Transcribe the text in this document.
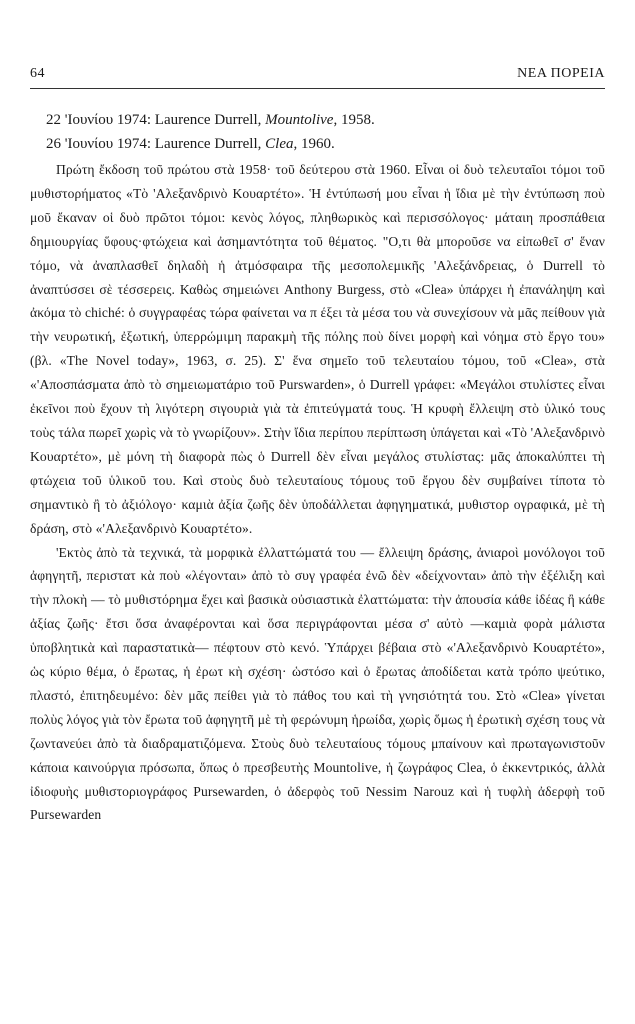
64	ΝΕΑ ΠΟΡΕΙΑ
22 'Ιουνίου 1974: Laurence Durrell, Mountolive, 1958.
26 'Ιουνίου 1974: Laurence Durrell, Clea, 1960.

Πρώτη ἔκδοση τοῦ πρώτου στὰ 1958· τοῦ δεύτερου στὰ 1960. Εἶναι οἱ δυὸ τελευταῖοι τόμοι τοῦ μυθιστορήματος «Τὸ 'Αλεξανδρινὸ Κουαρτέτο». Ἡ ἐντύπωσή μου εἶναι ἡ ἴδια μὲ τὴν ἐντύπωση ποὺ μοῦ ἔκαναν οἱ δυὸ πρῶτοι τόμοι: κενὸς λόγος, πληθωρικὸς καὶ περισσόλογος· μάταιη προσπάθεια δημιουργίας ὕφους·φτώχεια καὶ ἀσημαντότητα τοῦ θέματος. "Ο,τι θὰ μποροῦσε να εἰπωθεῖ σ' ἕναν τόμο, νὰ ἀναπλασθεῖ δηλαδὴ ἡ ἀτμόσφαιρα τῆς μεσοπολεμικῆς 'Αλεξάνδρειας, ὁ Durrell τὸ ἀναπτύσσει σὲ τέσσερεις. Καθὼς σημειώνει Anthony Burgess, στὸ «Clea» ὑπάρχει ἡ ἐπανάληψη καὶ ἀκόμα τὸ chiché: ὁ συγγραφέας τώρα φαίνεται να π έξει τὰ μέσα του νὰ συνεχίσουν νὰ μᾶς πείθουν γιὰ τὴν νευρωτική, ἐξωτική, ὑπερρώμιμη παρακμὴ τῆς πόλης ποὺ δίνει μορφὴ καὶ νόημα στὸ ἔργο του» (βλ. «The Novel today», 1963, σ. 25). Σ' ἕνα σημεῖο τοῦ τελευταίου τόμου, τοῦ «Clea», στὰ «'Αποσπάσματα ἀπὸ τὸ σημειωματάριο τοῦ Purswarden», ὁ Durrell γράφει: «Μεγάλοι στυλίστες εἶναι ἐκεῖνοι ποὺ ἔχουν τὴ λιγότερη σιγουριὰ γιὰ τὰ ἐπιτεύγματά τους. Ἡ κρυφὴ ἔλλειψη στὸ ὑλικό τους τοὺς τάλα πωρεῖ χωρὶς νὰ τὸ γνωρίζουν». Στὴν ἴδια περίπου περίπτωση ὑπάγεται καὶ «Τὸ 'Αλεξανδρινὸ Κουαρτέτο», μὲ μόνη τὴ διαφορὰ πὼς ὁ Durrell δὲν εἶναι μεγάλος στυλίστας: μᾶς ἀποκαλύπτει τὴ φτώχεια τοῦ ὑλικοῦ του. Καὶ στοὺς δυὸ τελευταίους τόμους τοῦ ἔργου δὲν συμβαίνει τίποτα τὸ σημαντικὸ ἢ τὸ ἀξιόλογο· καμιὰ ἀξία ζωῆς δὲν ὑποδάλλεται ἀφηγηματικά, μυθιστορ ογραφικά, μὲ τὴ δράση, στὸ «'Αλεξανδρινὸ Κουαρτέτο».

'Εκτὸς ἀπὸ τὰ τεχνικά, τὰ μορφικὰ ἐλλαττώματά του — ἔλλειψη δράσης, ἀνιαροὶ μονόλογοι τοῦ ἀφηγητῆ, περιστατ κὰ ποὺ «λέγονται» ἀπὸ τὸ συγ γραφέα ἐνῶ δὲν «δείχνονται» ἀπὸ τὴν ἐξέλιξη καὶ τὴν πλοκὴ — τὸ μυθιστόρημα ἔχει καὶ βασικὰ οὐσιαστικὰ ἐλαττώματα: τὴν ἀπουσία κάθε ἰδέας ἢ κάθε ἀξίας ζωῆς· ἔτσι ὅσα ἀναφέρονται καὶ ὅσα περιγράφονται μέσα σ' αὐτὸ —καμιὰ φορὰ μάλιστα ὑποβλητικὰ καὶ παραστατικὰ— πέφτουν στὸ κενό. Ὑπάρχει βέβαια στὸ «'Αλεξανδρινὸ Κουαρτέτο», ὡς κύριο θέμα, ὁ ἔρωτας, ἡ ἐρωτ κὴ σχέση· ὡστόσο καὶ ὁ ἔρωτας ἀποδίδεται κατὰ τρόπο ψεύτικο, πλαστό, ἐπιτηδευμένο: δὲν μᾶς πείθει γιὰ τὸ πάθος του καὶ τὴ γνησιότητά του. Στὸ «Clea» γίνεται πολὺς λόγος γιὰ τὸν ἔρωτα τοῦ ἀφηγητῆ μὲ τὴ φερώνυμη ἡρωίδα, χωρὶς ὅμως ἡ ἐρωτικὴ σχέση τους νὰ ζωντανεύει ἀπὸ τὰ διαδραματιζόμενα. Στοὺς δυὸ τελευταίους τόμους μπαίνουν καὶ πρωταγωνιστοῦν κάποια καινούργια πρόσωπα, ὅπως ὁ πρεσβευτὴς Mountolive, ἡ ζωγράφος Clea, ὁ ἐκκεντρικός, ἀλλὰ ἰδιοφυὴς μυθιστοριογράφος Pursewarden, ὁ ἀδερφὸς τοῦ Nessim Narouz καὶ ἡ τυφλὴ ἀδερφὴ τοῦ Pursewarden
